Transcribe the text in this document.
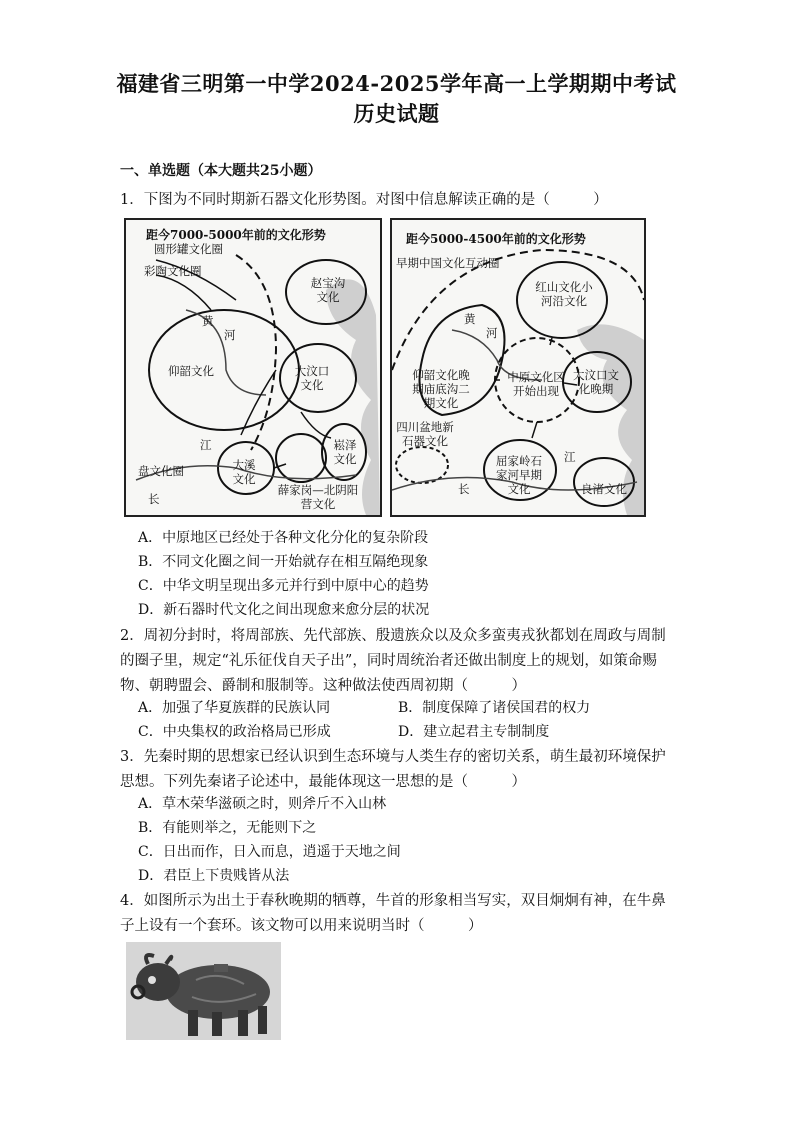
福建省三明第一中学2024-2025学年高一上学期期中考试
历史试题
一、单选题（本大题共25小题）
1．下图为不同时期新石器文化形势图。对图中信息解读正确的是（　　　）
距今7000-5000年前的文化形势
圆形罐文化圈
彩陶文化圈
赵宝沟文化
黄
河
仰韶文化	大汶口文化
江
盘文化圈	大溪文化
崧泽文化
长
薛家岗—北阴阳营文化
距今5000-4500年前的文化形势
早期中国文化互动圈
红山文化小河沿文化
黄
河
仰韶文化晚期庙底沟二期文化
中原文化区开始出现
大汶口文化晚期
四川盆地新石器文化
屈家岭石家河早期文化
江
长	良渚文化
A．中原地区已经处于各种文化分化的复杂阶段
B．不同文化圈之间一开始就存在相互隔绝现象
C．中华文明呈现出多元并行到中原中心的趋势
D．新石器时代文化之间出现愈来愈分层的状况
2．周初分封时，将周部族、先代部族、殷遗族众以及众多蛮夷戎狄都划在周政与周制的圈子里，规定“礼乐征伐自天子出”，同时周统治者还做出制度上的规划，如策命赐物、朝聘盟会、爵制和服制等。这种做法使西周初期（　　　）
A．加强了华夏族群的民族认同	B．制度保障了诸侯国君的权力
C．中央集权的政治格局已形成	D．建立起君主专制制度
3．先秦时期的思想家已经认识到生态环境与人类生存的密切关系，萌生最初环境保护思想。下列先秦诸子论述中，最能体现这一思想的是（　　　）
A．草木荣华滋硕之时，则斧斤不入山林
B．有能则举之，无能则下之
C．日出而作，日入而息，逍遥于天地之间
D．君臣上下贵贱皆从法
4．如图所示为出土于春秋晚期的牺尊，牛首的形象相当写实，双目炯炯有神，在牛鼻子上设有一个套环。该文物可以用来说明当时（　　　）
